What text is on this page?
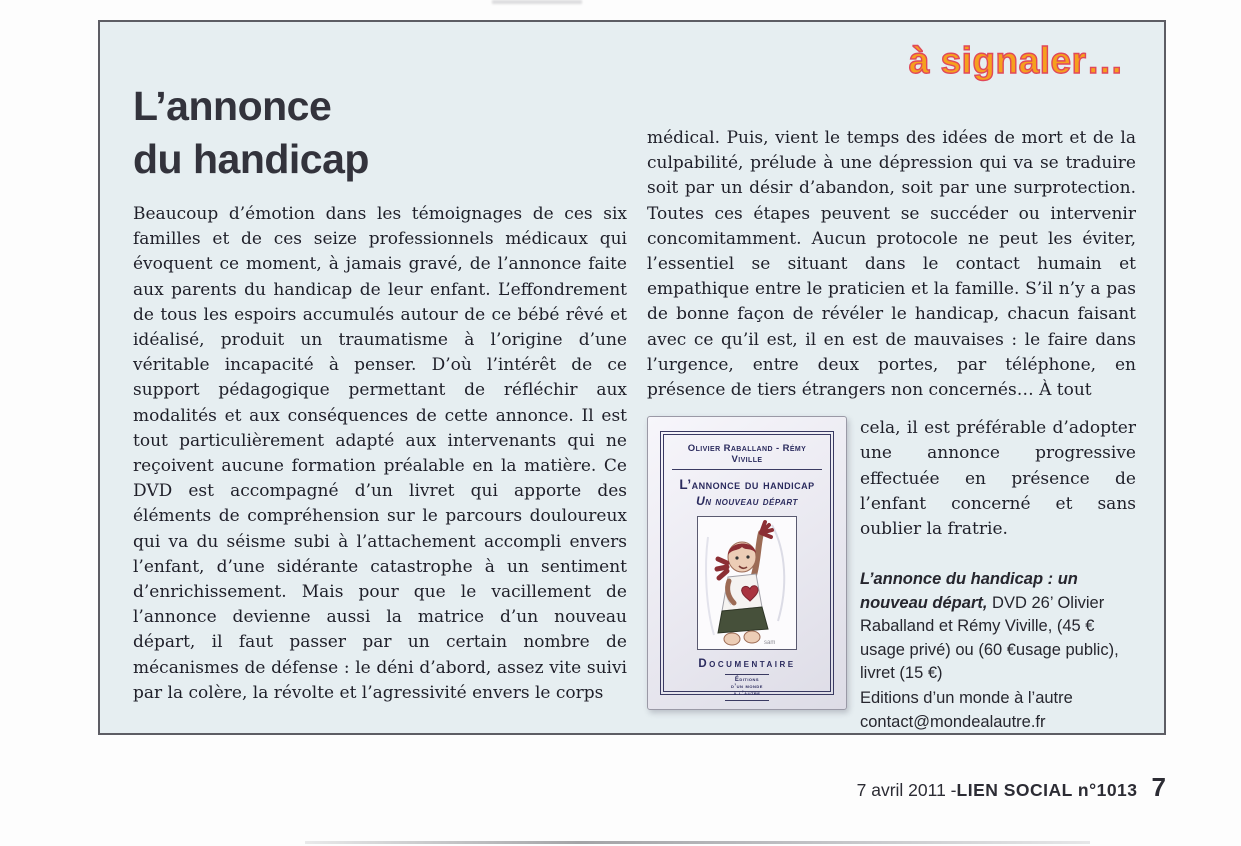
à signaler…
L’annonce
du handicap
Beaucoup d’émotion dans les témoignages de ces six familles et de ces seize professionnels médicaux qui évoquent ce moment, à jamais gravé, de l’annonce faite aux parents du handicap de leur enfant. L’effondrement de tous les espoirs accumulés autour de ce bébé rêvé et idéalisé, produit un traumatisme à l’origine d’une véritable incapacité à penser. D’où l’intérêt de ce support pédagogique permettant de réfléchir aux modalités et aux conséquences de cette annonce. Il est tout particulièrement adapté aux intervenants qui ne reçoivent aucune formation préalable en la matière. Ce DVD est accompagné d’un livret qui apporte des éléments de compréhension sur le parcours douloureux qui va du séisme subi à l’attachement accompli envers l’enfant, d’une sidérante catastrophe à un sentiment d’enrichissement. Mais pour que le vacillement de l’annonce devienne aussi la matrice d’un nouveau départ, il faut passer par un certain nombre de mécanismes de défense : le déni d’abord, assez vite suivi par la colère, la révolte et l’agressivité envers le corps
médical. Puis, vient le temps des idées de mort et de la culpabilité, prélude à une dépression qui va se traduire soit par un désir d’abandon, soit par une surprotection. Toutes ces étapes peuvent se succéder ou intervenir concomitamment. Aucun protocole ne peut les éviter, l’essentiel se situant dans le contact humain et empathique entre le praticien et la famille. S’il n’y a pas de bonne façon de révéler le handicap, chacun faisant avec ce qu’il est, il en est de mauvaises : le faire dans l’urgence, entre deux portes, par téléphone, en présence de tiers étrangers non concernés… À tout
Olivier Raballand - Rémy Viville
L’annonce du handicap
Un nouveau départ
sam
Documentaire
Éditions
d’un monde
à l’autre
cela, il est préférable d’adopter une annonce progressive effectuée en présence de l’enfant concerné et sans oublier la fratrie.
L’annonce du handicap : un nouveau départ, DVD 26’ Olivier Raballand et Rémy Viville, (45 € usage privé) ou (60 €usage public), livret (15 €)
Editions d’un monde à l’autre
contact@mondealautre.fr
7 avril 2011 - LIEN SOCIAL n°1013 7
